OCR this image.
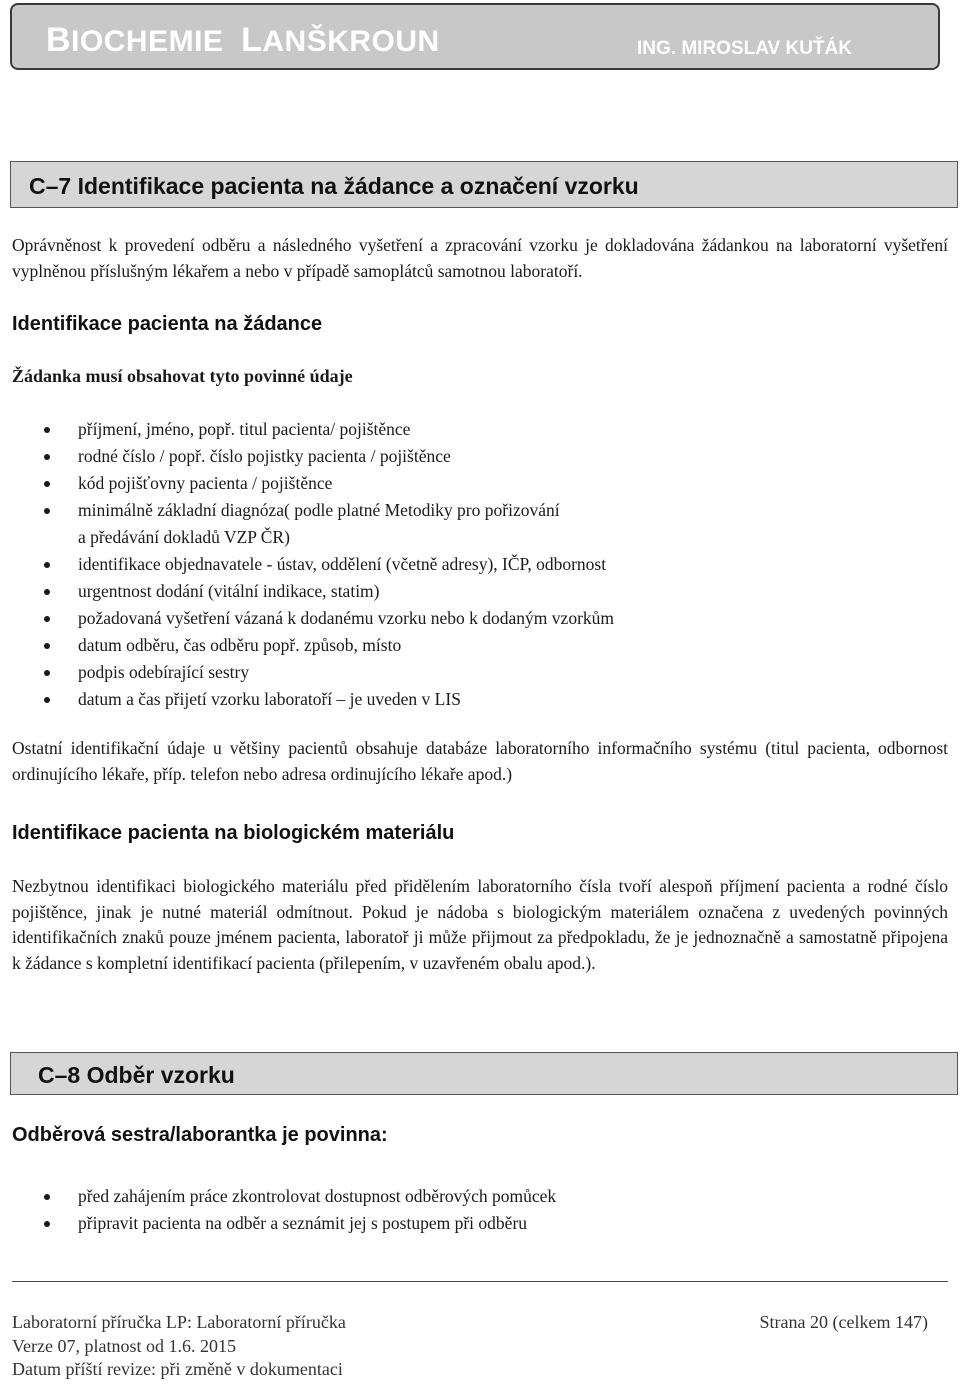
BIOCHEMIE LANŠKROUN	ING. MIROSLAV KUŤÁK
C–7 Identifikace pacienta na žádance a označení vzorku

Oprávněnost k provedení odběru a následného vyšetření a zpracování vzorku je dokladována žádankou na laboratorní vyšetření vyplněnou příslušným lékařem a nebo v případě samoplátců samotnou laboratoří.

Identifikace pacienta na žádance
Žádanka musí obsahovat tyto povinné údaje
příjmení, jméno, popř. titul pacienta/ pojištěnce
rodné číslo / popř. číslo pojistky pacienta / pojištěnce
kód pojišťovny pacienta / pojištěnce
minimálně základní diagnóza( podle platné Metodiky pro pořizování
a předávání dokladů VZP ČR)
identifikace objednavatele - ústav, oddělení (včetně adresy), IČP, odbornost
urgentnost dodání (vitální indikace, statim)
požadovaná vyšetření vázaná k dodanému vzorku nebo k dodaným vzorkům
datum odběru, čas odběru popř. způsob, místo
podpis odebírající sestry
datum a čas přijetí vzorku laboratoří – je uveden v LIS

Ostatní identifikační údaje u většiny pacientů obsahuje databáze laboratorního informačního systému (titul pacienta, odbornost ordinujícího lékaře, příp. telefon nebo adresa ordinujícího lékaře apod.)

Identifikace pacienta na biologickém materiálu

Nezbytnou identifikaci biologického materiálu před přidělením laboratorního čísla tvoří alespoň příjmení pacienta a rodné číslo pojištěnce, jinak je nutné materiál odmítnout. Pokud je nádoba s biologickým materiálem označena z uvedených povinných identifikačních znaků pouze jménem pacienta, laboratoř ji může přijmout za předpokladu, že je jednoznačně a samostatně připojena k žádance s kompletní identifikací pacienta (přilepením, v uzavřeném obalu apod.).

C–8 Odběr vzorku
Odběrová sestra/laborantka je povinna:
před zahájením práce zkontrolovat dostupnost odběrových pomůcek
připravit pacienta na odběr a seznámit jej s postupem při odběru
Laboratorní příručka LP: Laboratorní příručka
Verze 07, platnost od 1.6. 2015
Datum příští revize: při změně v dokumentaci
Strana 20 (celkem 147)
